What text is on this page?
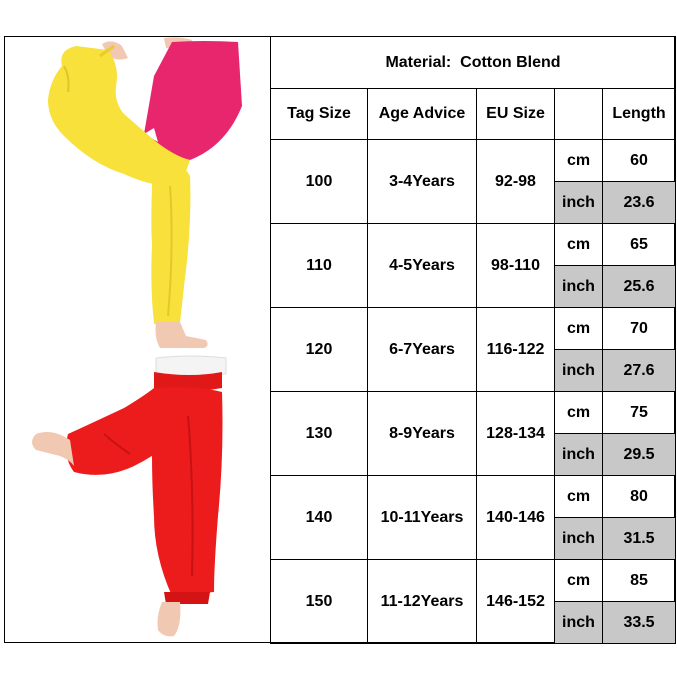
Material: Cotton Blend				
Tag Size	Age Advice	EU Size		Length
100	3-4Years	92-98	cm	60
			inch	23.6
110	4-5Years	98-110	cm	65
			inch	25.6
120	6-7Years	116-122	cm	70
			inch	27.6
130	8-9Years	128-134	cm	75
			inch	29.5
140	10-11Years	140-146	cm	80
			inch	31.5
150	11-12Years	146-152	cm	85
			inch	33.5
